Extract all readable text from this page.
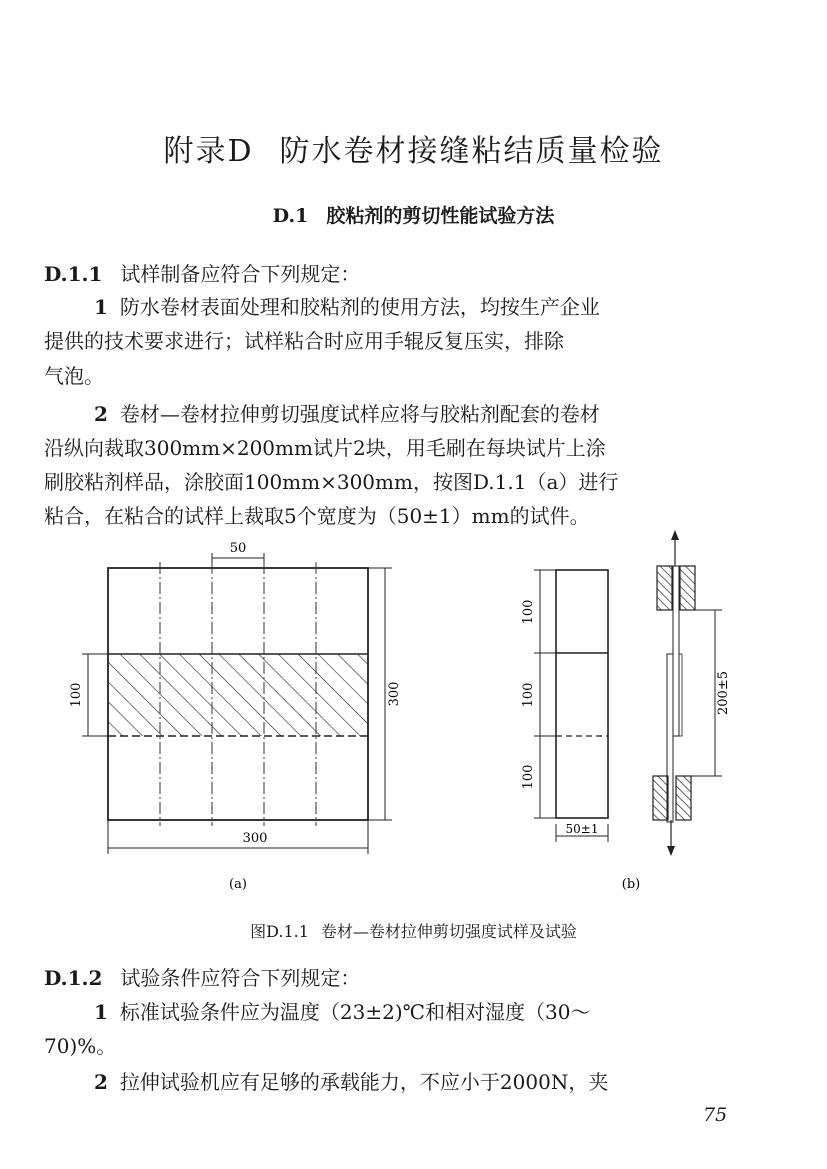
附录D 防水卷材接缝粘结质量检验
D.1 胶粘剂的剪切性能试验方法
D.1.1 试样制备应符合下列规定：
1 防水卷材表面处理和胶粘剂的使用方法，均按生产企业
提供的技术要求进行；试样粘合时应用手辊反复压实，排除
气泡。
2 卷材—卷材拉伸剪切强度试样应将与胶粘剂配套的卷材
沿纵向裁取300mm×200mm试片2块，用毛刷在每块试片上涂
刷胶粘剂样品，涂胶面100mm×300mm，按图D.1.1（a）进行
粘合，在粘合的试样上裁取5个宽度为（50±1）mm的试件。
50
100	300
300
(a)
100
100
100
50±1
200±5
(b)
图D.1.1 卷材—卷材拉伸剪切强度试样及试验
D.1.2 试验条件应符合下列规定：
1 标准试验条件应为温度（23±2)℃和相对湿度（30～
70)%。
2 拉伸试验机应有足够的承载能力，不应小于2000N，夹
75
